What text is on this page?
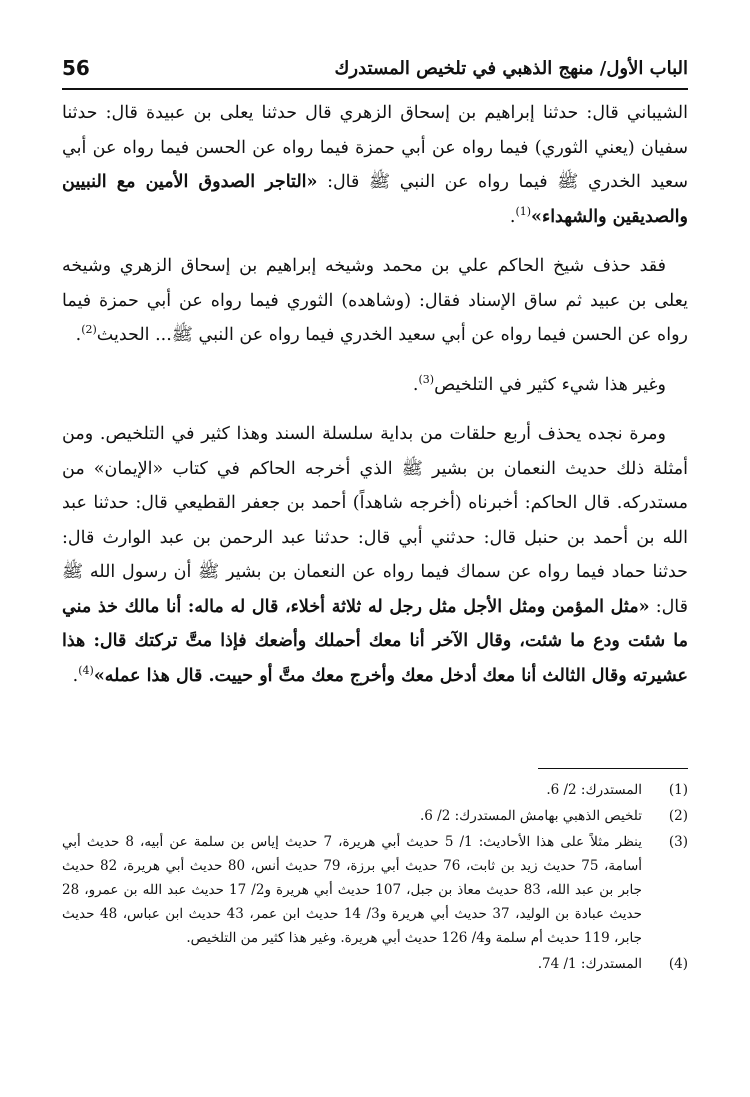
الباب الأول/ منهج الذهبي في تلخيص المستدرك
56

الشيباني قال: حدثنا إبراهيم بن إسحاق الزهري قال حدثنا يعلى بن عبيدة قال: حدثنا سفيان (يعني الثوري) فيما رواه عن أبي حمزة فيما رواه عن الحسن فيما رواه عن أبي سعيد الخدري ﷺ فيما رواه عن النبي ﷺ قال: «التاجر الصدوق الأمين مع النبيين والصديقين والشهداء»$^{(1)}$.

فقد حذف شيخ الحاكم علي بن محمد وشيخه إبراهيم بن إسحاق الزهري وشيخه يعلى بن عبيد ثم ساق الإسناد فقال: (وشاهده) الثوري فيما رواه عن أبي حمزة فيما رواه عن الحسن فيما رواه عن أبي سعيد الخدري فيما رواه عن النبي ﷺ... الحديث$^{(2)}$.

وغير هذا شيء كثير في التلخيص$^{(3)}$.

ومرة نجده يحذف أربع حلقات من بداية سلسلة السند وهذا كثير في التلخيص. ومن أمثلة ذلك حديث النعمان بن بشير ﷺ الذي أخرجه الحاكم في كتاب «الإيمان» من مستدركه. قال الحاكم: أخبرناه (أخرجه شاهداً) أحمد بن جعفر القطيعي قال: حدثنا عبد الله بن أحمد بن حنبل قال: حدثني أبي قال: حدثنا عبد الرحمن بن عبد الوارث قال: حدثنا حماد فيما رواه عن سماك فيما رواه عن النعمان بن بشير ﷺ أن رسول الله ﷺ قال: «مثل المؤمن ومثل الأجل مثل رجل له ثلاثة أخلاء، قال له ماله: أنا مالك خذ مني ما شئت ودع ما شئت، وقال الآخر أنا معك أحملك وأضعك فإذا متَّ تركتك قال: هذا عشيرته وقال الثالث أنا معك أدخل معك وأخرج معك متَّ أو حييت. قال هذا عمله»$^{(4)}$.

(1)
المستدرك: 2/ 6.
(2)
تلخيص الذهبي بهامش المستدرك: 2/ 6.
(3)
ينظر مثلاً على هذا الأحاديث: 1/ 5 حديث أبي هريرة، 7 حديث إياس بن سلمة عن أبيه، 8 حديث أبي أسامة، 75 حديث زيد بن ثابت، 76 حديث أبي برزة، 79 حديث أنس، 80 حديث أبي هريرة، 82 حديث جابر بن عبد الله، 83 حديث معاذ بن جبل، 107 حديث أبي هريرة و2/ 17 حديث عبد الله بن عمرو، 28 حديث عبادة بن الوليد، 37 حديث أبي هريرة و3/ 14 حديث ابن عمر، 43 حديث ابن عباس، 48 حديث جابر، 119 حديث أم سلمة و4/ 126 حديث أبي هريرة. وغير هذا كثير من التلخيص.
(4)
المستدرك: 1/ 74.
